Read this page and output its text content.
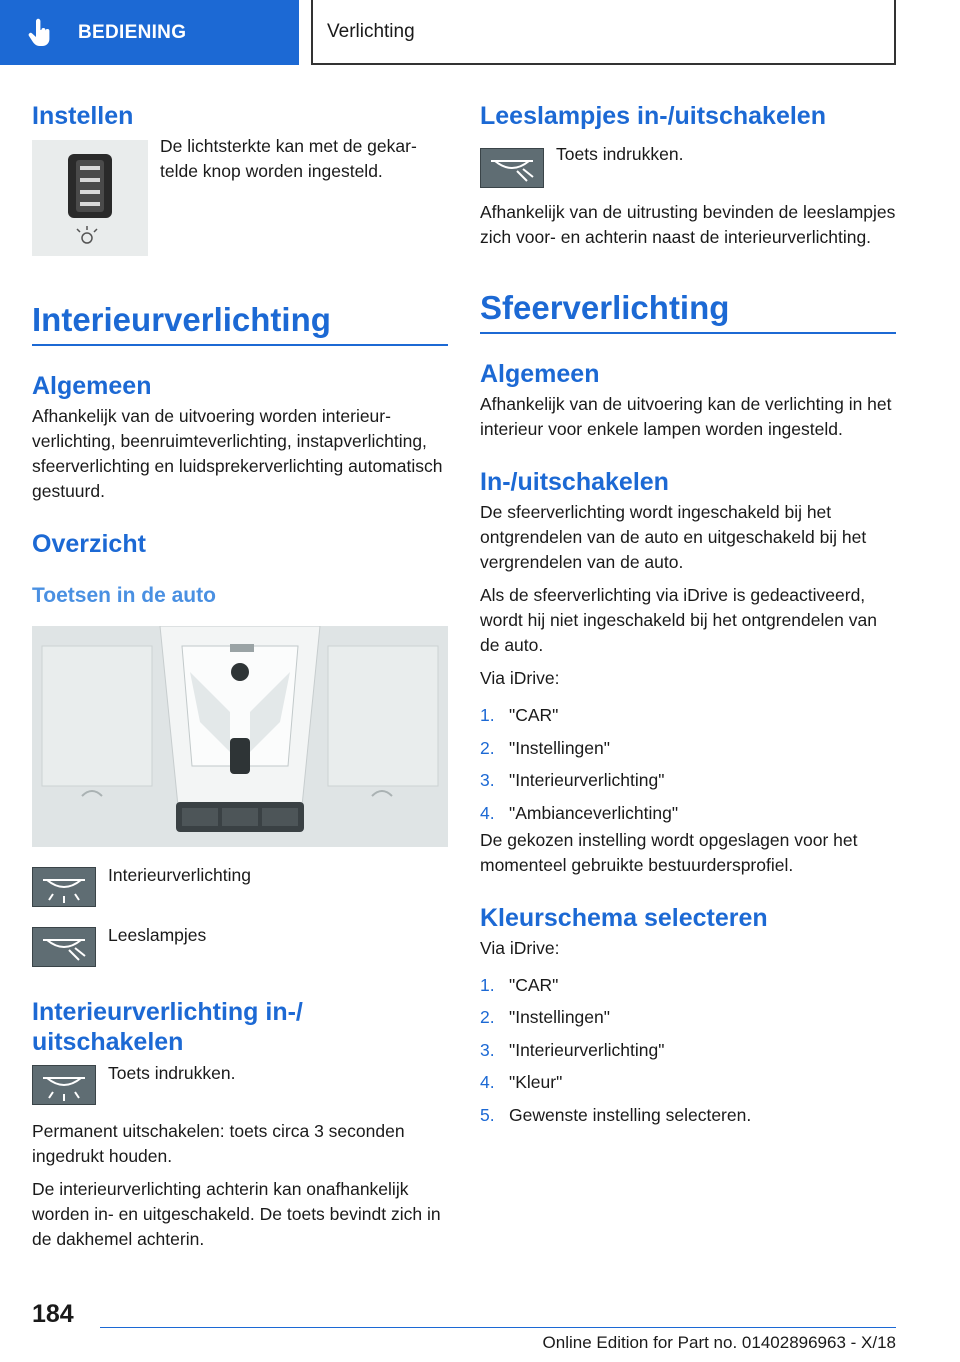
BEDIENING	Verlichting
Instellen
De lichtsterkte kan met de gekartelde knop worden ingesteld.
Interieurverlichting
Algemeen

Afhankelijk van de uitvoering worden interieurverlichting, beenruimteverlichting, instapverlichting, sfeerverlichting en luidsprekerverlichting automatisch gestuurd.

Overzicht
Toetsen in de auto
Interieurverlichting
Leeslampjes
Interieurverlichting in-/ uitschakelen
Toets indrukken.

Permanent uitschakelen: toets circa 3 seconden ingedrukt houden.

De interieurverlichting achterin kan onafhankelijk worden in- en uitgeschakeld. De toets bevindt zich in de dakhemel achterin.

Leeslampjes in-/uitschakelen
Toets indrukken.

Afhankelijk van de uitrusting bevinden de leeslampjes zich voor- en achterin naast de interieurverlichting.

Sfeerverlichting
Algemeen

Afhankelijk van de uitvoering kan de verlichting in het interieur voor enkele lampen worden ingesteld.

In-/uitschakelen

De sfeerverlichting wordt ingeschakeld bij het ontgrendelen van de auto en uitgeschakeld bij het vergrendelen van de auto.

Als de sfeerverlichting via iDrive is gedeactiveerd, wordt hij niet ingeschakeld bij het ontgrendelen van de auto.

Via iDrive:

1. "CAR"
2. "Instellingen"
3. "Interieurverlichting"
4. "Ambianceverlichting"

De gekozen instelling wordt opgeslagen voor het momenteel gebruikte bestuurdersprofiel.

Kleurschema selecteren

Via iDrive:

1. "CAR"
2. "Instellingen"
3. "Interieurverlichting"
4. "Kleur"
5. Gewenste instelling selecteren.
184
Online Edition for Part no. 01402896963 - X/18
